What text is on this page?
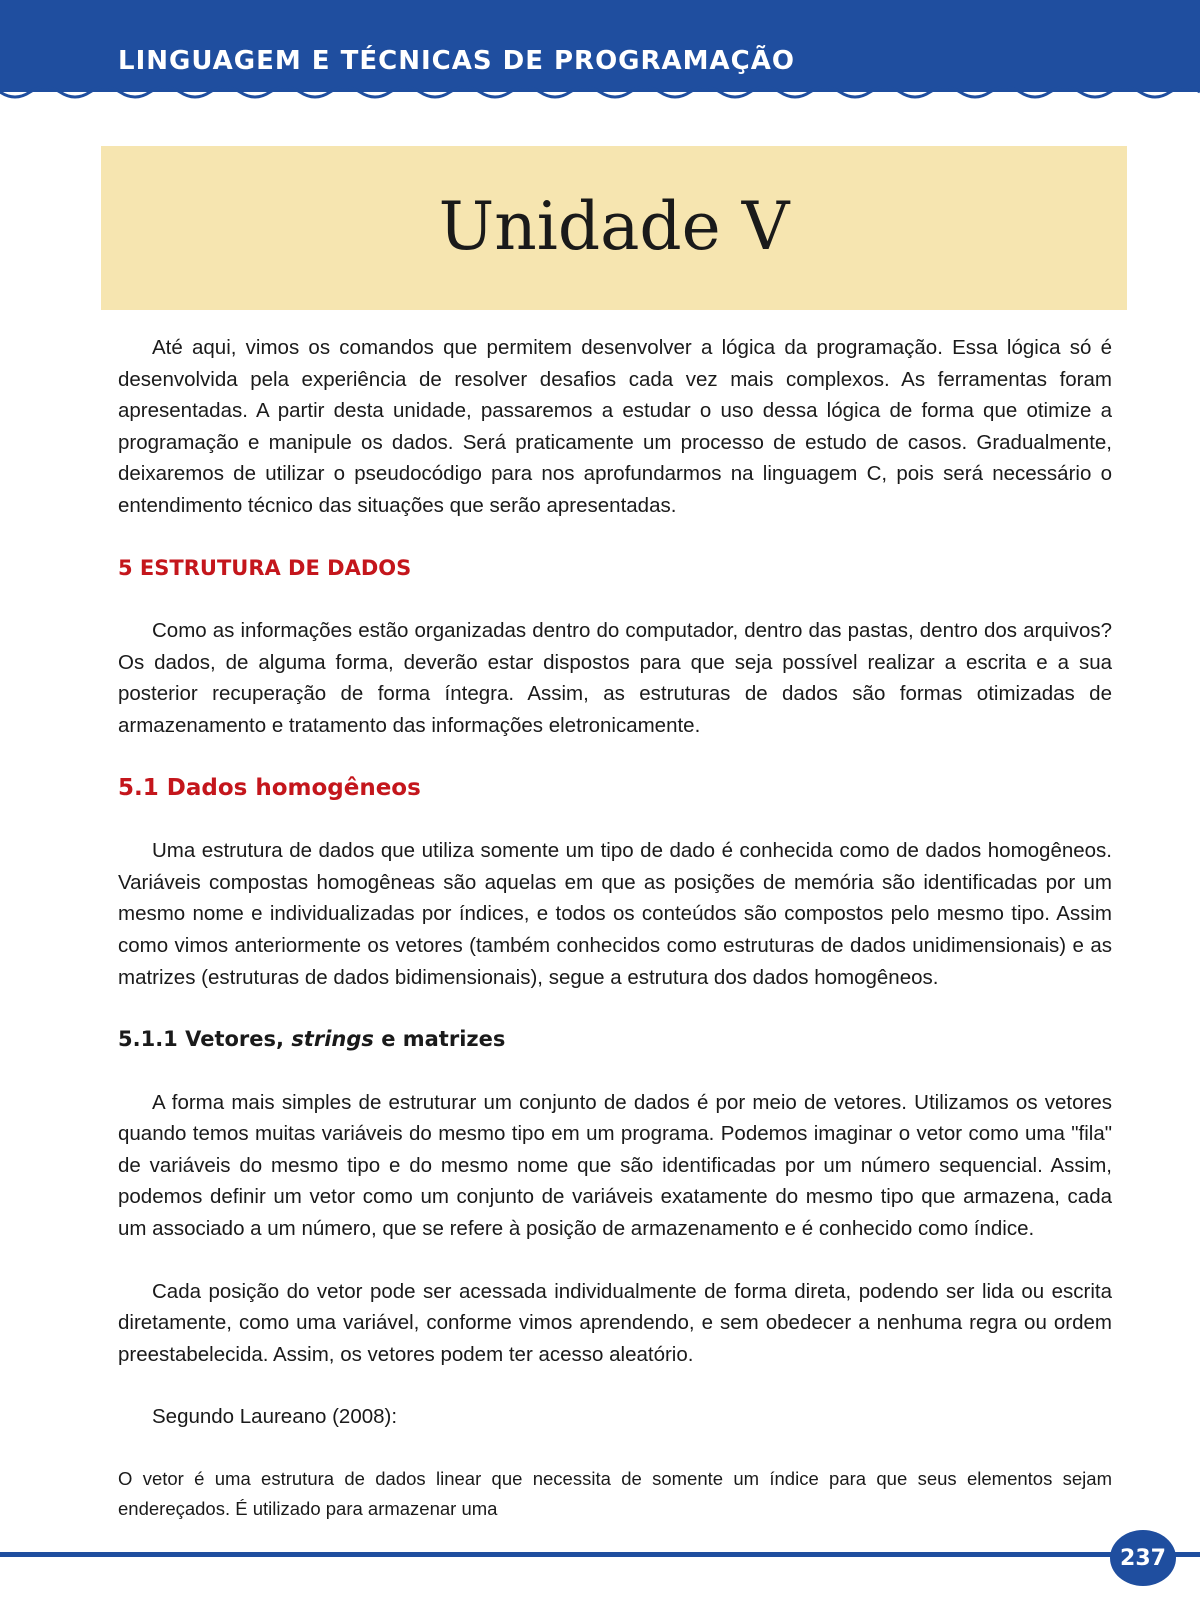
LINGUAGEM E TÉCNICAS DE PROGRAMAÇÃO
Unidade V

Até aqui, vimos os comandos que permitem desenvolver a lógica da programação. Essa lógica só é desenvolvida pela experiência de resolver desafios cada vez mais complexos. As ferramentas foram apresentadas. A partir desta unidade, passaremos a estudar o uso dessa lógica de forma que otimize a programação e manipule os dados. Será praticamente um processo de estudo de casos. Gradualmente, deixaremos de utilizar o pseudocódigo para nos aprofundarmos na linguagem C, pois será necessário o entendimento técnico das situações que serão apresentadas.

5 ESTRUTURA DE DADOS

Como as informações estão organizadas dentro do computador, dentro das pastas, dentro dos arquivos? Os dados, de alguma forma, deverão estar dispostos para que seja possível realizar a escrita e a sua posterior recuperação de forma íntegra. Assim, as estruturas de dados são formas otimizadas de armazenamento e tratamento das informações eletronicamente.

5.1 Dados homogêneos

Uma estrutura de dados que utiliza somente um tipo de dado é conhecida como de dados homogêneos. Variáveis compostas homogêneas são aquelas em que as posições de memória são identificadas por um mesmo nome e individualizadas por índices, e todos os conteúdos são compostos pelo mesmo tipo. Assim como vimos anteriormente os vetores (também conhecidos como estruturas de dados unidimensionais) e as matrizes (estruturas de dados bidimensionais), segue a estrutura dos dados homogêneos.

5.1.1 Vetores, strings e matrizes

A forma mais simples de estruturar um conjunto de dados é por meio de vetores. Utilizamos os vetores quando temos muitas variáveis do mesmo tipo em um programa. Podemos imaginar o vetor como uma "fila" de variáveis do mesmo tipo e do mesmo nome que são identificadas por um número sequencial. Assim, podemos definir um vetor como um conjunto de variáveis exatamente do mesmo tipo que armazena, cada um associado a um número, que se refere à posição de armazenamento e é conhecido como índice.

Cada posição do vetor pode ser acessada individualmente de forma direta, podendo ser lida ou escrita diretamente, como uma variável, conforme vimos aprendendo, e sem obedecer a nenhuma regra ou ordem preestabelecida. Assim, os vetores podem ter acesso aleatório.

Segundo Laureano (2008):

O vetor é uma estrutura de dados linear que necessita de somente um índice para que seus elementos sejam endereçados. É utilizado para armazenar uma

237
